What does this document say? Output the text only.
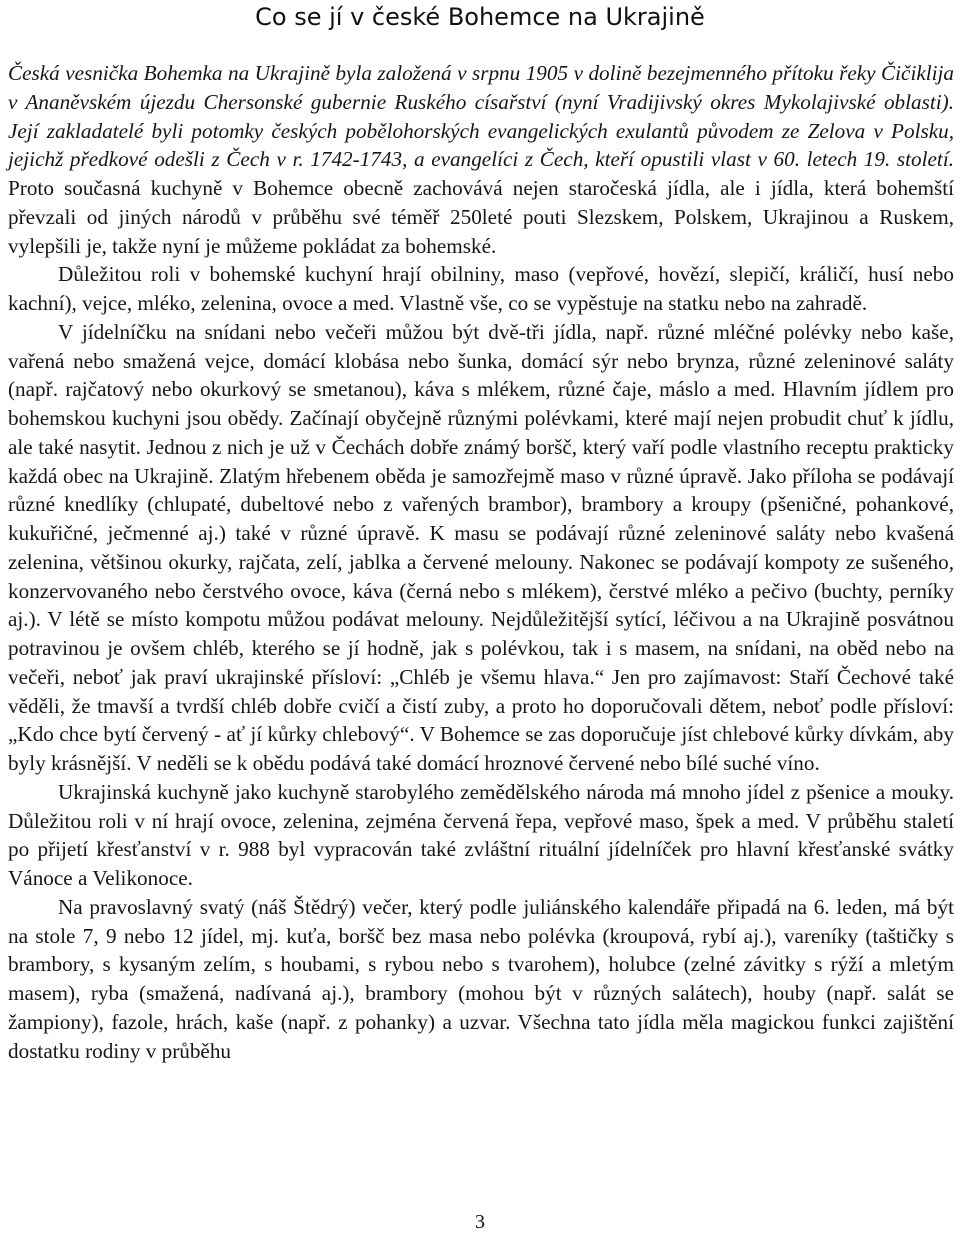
Co se jí v české Bohemce na Ukrajině

Česká vesnička Bohemka na Ukrajině byla založená v srpnu 1905 v dolině bezejmenného přítoku řeky Čičiklija v Ananěvském újezdu Chersonské gubernie Ruského císařství (nyní Vradijivský okres Mykolajivské oblasti). Její zakladatelé byli potomky českých pobělohorských evangelických exulantů původem ze Zelova v Polsku, jejichž předkové odešli z Čech v r. 1742-1743, a evangelíci z Čech, kteří opustili vlast v 60. letech 19. století. Proto současná kuchyně v Bohemce obecně zachovává nejen staročeská jídla, ale i jídla, která bohemští převzali od jiných národů v průběhu své téměř 250leté pouti Slezskem, Polskem, Ukrajinou a Ruskem, vylepšili je, takže nyní je můžeme pokládat za bohemské.

Důležitou roli v bohemské kuchyní hrají obilniny, maso (vepřové, hovězí, slepičí, králičí, husí nebo kachní), vejce, mléko, zelenina, ovoce a med. Vlastně vše, co se vypěstuje na statku nebo na zahradě.

V jídelníčku na snídani nebo večeři můžou být dvě-tři jídla, např. různé mléčné polévky nebo kaše, vařená nebo smažená vejce, domácí klobása nebo šunka, domácí sýr nebo brynza, různé zeleninové saláty (např. rajčatový nebo okurkový se smetanou), káva s mlékem, různé čaje, máslo a med. Hlavním jídlem pro bohemskou kuchyni jsou obědy. Začínají obyčejně různými polévkami, které mají nejen probudit chuť k jídlu, ale také nasytit. Jednou z nich je už v Čechách dobře známý boršč, který vaří podle vlastního receptu prakticky každá obec na Ukrajině. Zlatým hřebenem oběda je samozřejmě maso v různé úpravě. Jako příloha se podávají různé knedlíky (chlupaté, dubeltové nebo z vařených brambor), brambory a kroupy (pšeničné, pohankové, kukuřičné, ječmenné aj.) také v různé úpravě. K masu se podávají různé zeleninové saláty nebo kvašená zelenina, většinou okurky, rajčata, zelí, jablka a červené melouny. Nakonec se podávají kompoty ze sušeného, konzervovaného nebo čerstvého ovoce, káva (černá nebo s mlékem), čerstvé mléko a pečivo (buchty, perníky aj.). V létě se místo kompotu můžou podávat melouny. Nejdůležitější sytící, léčivou a na Ukrajině posvátnou potravinou je ovšem chléb, kterého se jí hodně, jak s polévkou, tak i s masem, na snídani, na oběd nebo na večeři, neboť jak praví ukrajinské přísloví: „Chléb je všemu hlava.“ Jen pro zajímavost: Staří Čechové také věděli, že tmavší a tvrdší chléb dobře cvičí a čistí zuby, a proto ho doporučovali dětem, neboť podle přísloví: „Kdo chce bytí červený - ať jí kůrky chlebový“. V Bohemce se zas doporučuje jíst chlebové kůrky dívkám, aby byly krásnější. V neděli se k obědu podává také domácí hroznové červené nebo bílé suché víno.

Ukrajinská kuchyně jako kuchyně starobylého zemědělského národa má mnoho jídel z pšenice a mouky. Důležitou roli v ní hrají ovoce, zelenina, zejména červená řepa, vepřové maso, špek a med. V průběhu staletí po přijetí křesťanství v r. 988 byl vypracován také zvláštní rituální jídelníček pro hlavní křesťanské svátky Vánoce a Velikonoce.

Na pravoslavný svatý (náš Štědrý) večer, který podle juliánského kalendáře připadá na 6. leden, má být na stole 7, 9 nebo 12 jídel, mj. kuťa, boršč bez masa nebo polévka (kroupová, rybí aj.), vareníky (taštičky s brambory, s kysaným zelím, s houbami, s rybou nebo s tvarohem), holubce (zelné závitky s rýží a mletým masem), ryba (smažená, nadívaná aj.), brambory (mohou být v různých salátech), houby (např. salát se žampiony), fazole, hrách, kaše (např. z pohanky) a uzvar. Všechna tato jídla měla magickou funkci zajištění dostatku rodiny v průběhu

3
